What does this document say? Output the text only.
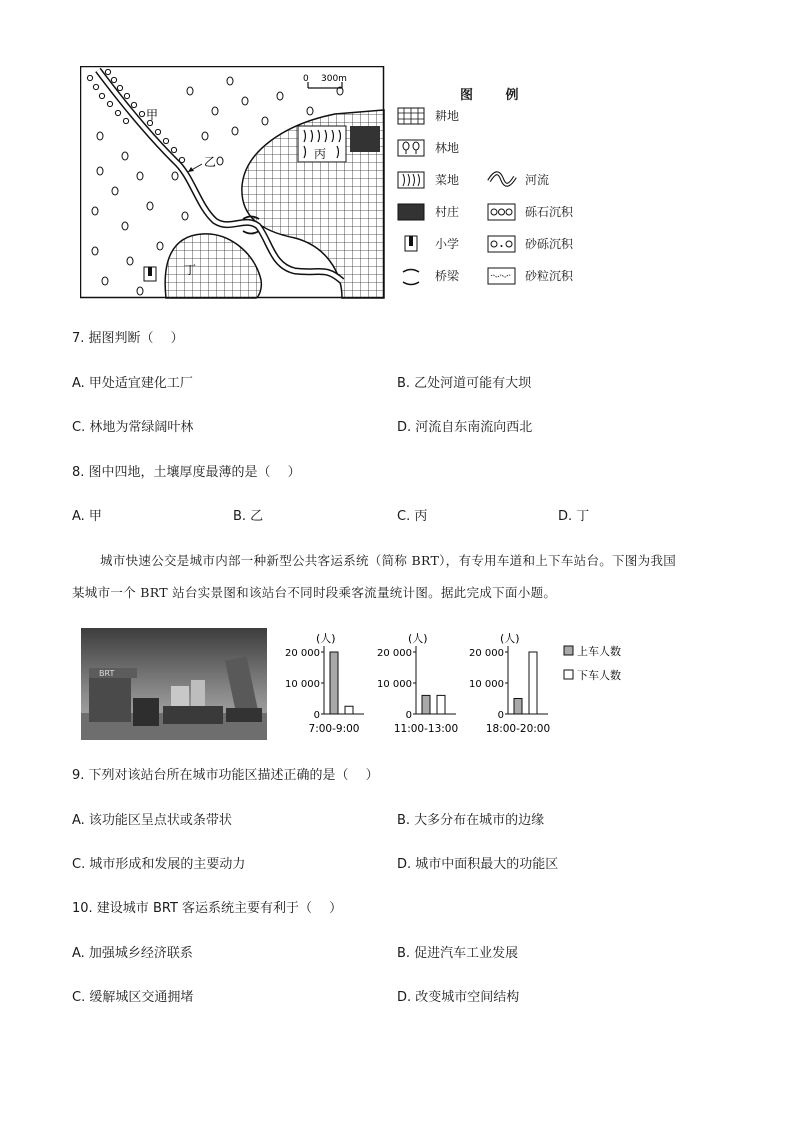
0 300m
甲
乙
丙
丁
图 例
耕地
林地
菜地
村庄
小学
桥梁
河流
砾石沉积
砂砾沉积
砂粒沉积
7. 据图判断（　 ）
A. 甲处适宜建化工厂	B. 乙处河道可能有大坝
C. 林地为常绿阔叶林	D. 河流自东南流向西北
8. 图中四地，土壤厚度最薄的是（　 ）
A. 甲	B. 乙	C. 丙	D. 丁
城市快速公交是城市内部一种新型公共客运系统（简称 BRT），有专用车道和上下车站台。下图为我国
某城市一个 BRT 站台实景图和该站台不同时段乘客流量统计图。据此完成下面小题。
BRT
(人)
20 000
10 000
0
7:00-9:00
(人)
20 000
10 000
0
11:00-13:00
(人)
20 000
10 000
0
18:00-20:00
上车人数
下车人数
9. 下列对该站台所在城市功能区描述正确的是（　 ）
A. 该功能区呈点状或条带状	B. 大多分布在城市的边缘
C. 城市形成和发展的主要动力	D. 城市中面积最大的功能区
10. 建设城市 BRT 客运系统主要有利于（　 ）
A. 加强城乡经济联系	B. 促进汽车工业发展
C. 缓解城区交通拥堵	D. 改变城市空间结构
